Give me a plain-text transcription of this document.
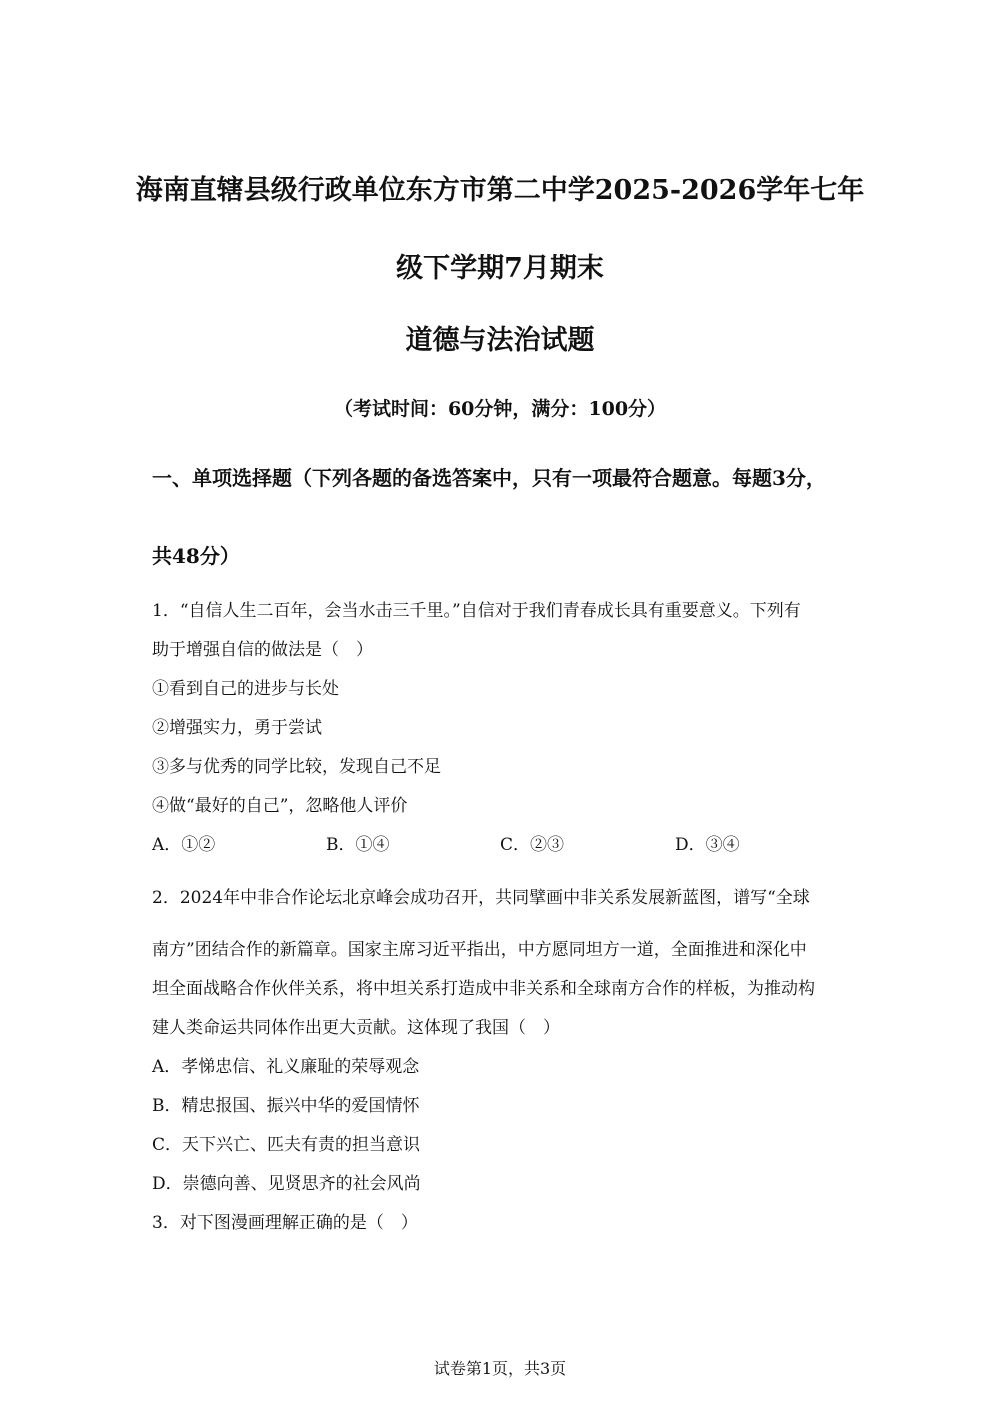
海南直辖县级行政单位东方市第二中学2025-2026学年七年
级下学期7月期末
道德与法治试题
（考试时间：60分钟，满分：100分）
一、单项选择题（下列各题的备选答案中，只有一项最符合题意。每题3分，
共48分）
1．“自信人生二百年，会当水击三千里。”自信对于我们青春成长具有重要意义。下列有
助于增强自信的做法是（　）
①看到自己的进步与长处
②增强实力，勇于尝试
③多与优秀的同学比较，发现自己不足
④做“最好的自己”，忽略他人评价
A．①②	B．①④	C．②③	D．③④
2．2024年中非合作论坛北京峰会成功召开，共同擘画中非关系发展新蓝图，谱写“全球
南方”团结合作的新篇章。国家主席习近平指出，中方愿同坦方一道，全面推进和深化中
坦全面战略合作伙伴关系，将中坦关系打造成中非关系和全球南方合作的样板，为推动构
建人类命运共同体作出更大贡献。这体现了我国（　）
A．孝悌忠信、礼义廉耻的荣辱观念
B．精忠报国、振兴中华的爱国情怀
C．天下兴亡、匹夫有责的担当意识
D．崇德向善、见贤思齐的社会风尚
3．对下图漫画理解正确的是（　）
试卷第1页，共3页
